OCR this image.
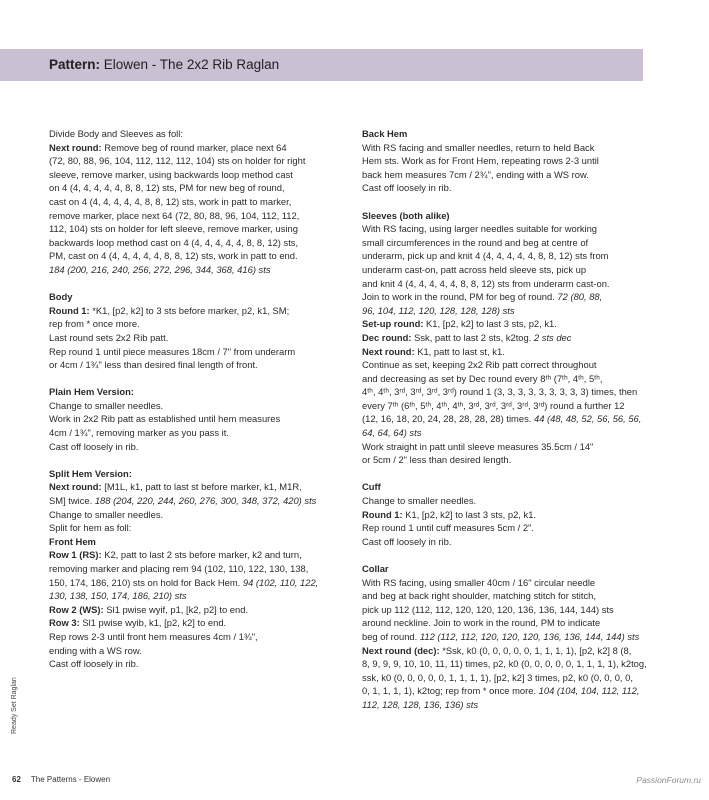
Pattern: Elowen - The 2x2 Rib Raglan
Divide Body and Sleeves as foll:
Next round: Remove beg of round marker, place next 64
(72, 80, 88, 96, 104, 112, 112, 112, 104) sts on holder for right
sleeve, remove marker, using backwards loop method cast
on 4 (4, 4, 4, 4, 4, 8, 8, 12) sts, PM for new beg of round,
cast on 4 (4, 4, 4, 4, 4, 8, 8, 12) sts, work in patt to marker,
remove marker, place next 64 (72, 80, 88, 96, 104, 112, 112,
112, 104) sts on holder for left sleeve, remove marker, using
backwards loop method cast on 4 (4, 4, 4, 4, 4, 8, 8, 12) sts,
PM, cast on 4 (4, 4, 4, 4, 4, 8, 8, 12) sts, work in patt to end.
184 (200, 216, 240, 256, 272, 296, 344, 368, 416) sts
Body
Round 1: *K1, [p2, k2] to 3 sts before marker, p2, k1, SM;
rep from * once more.
Last round sets 2x2 Rib patt.
Rep round 1 until piece measures 18cm / 7" from underarm
or 4cm / 1¾" less than desired final length of front.
Plain Hem Version:
Change to smaller needles.
Work in 2x2 Rib patt as established until hem measures
4cm / 1¾", removing marker as you pass it.
Cast off loosely in rib.
Split Hem Version:
Next round: [M1L, k1, patt to last st before marker, k1, M1R,
SM] twice. 188 (204, 220, 244, 260, 276, 300, 348, 372, 420) sts
Change to smaller needles.
Split for hem as foll:
Front Hem
Row 1 (RS): K2, patt to last 2 sts before marker, k2 and turn,
removing marker and placing rem 94 (102, 110, 122, 130, 138,
150, 174, 186, 210) sts on hold for Back Hem. 94 (102, 110, 122,
130, 138, 150, 174, 186, 210) sts
Row 2 (WS): Sl1 pwise wyif, p1, [k2, p2] to end.
Row 3: Sl1 pwise wyib, k1, [p2, k2] to end.
Rep rows 2-3 until front hem measures 4cm / 1¾",
ending with a WS row.
Cast off loosely in rib.
Back Hem
With RS facing and smaller needles, return to held Back
Hem sts. Work as for Front Hem, repeating rows 2-3 until
back hem measures 7cm / 2¾", ending with a WS row.
Cast off loosely in rib.
Sleeves (both alike)
With RS facing, using larger needles suitable for working
small circumferences in the round and beg at centre of
underarm, pick up and knit 4 (4, 4, 4, 4, 4, 8, 8, 12) sts from
underarm cast-on, patt across held sleeve sts, pick up
and knit 4 (4, 4, 4, 4, 4, 8, 8, 12) sts from underarm cast-on.
Join to work in the round, PM for beg of round. 72 (80, 88,
96, 104, 112, 120, 128, 128, 128) sts
Set-up round: K1, [p2, k2] to last 3 sts, p2, k1.
Dec round: Ssk, patt to last 2 sts, k2tog. 2 sts dec
Next round: K1, patt to last st, k1.
Continue as set, keeping 2x2 Rib patt correct throughout
and decreasing as set by Dec round every 8ᵗʰ (7ᵗʰ, 4ᵗʰ, 5ᵗʰ,
4ᵗʰ, 4ᵗʰ, 3ʳᵈ, 3ʳᵈ, 3ʳᵈ, 3ʳᵈ) round 1 (3, 3, 3, 3, 3, 3, 3, 3, 3) times, then
every 7ᵗʰ (6ᵗʰ, 5ᵗʰ, 4ᵗʰ, 4ᵗʰ, 3ʳᵈ, 3ʳᵈ, 3ʳᵈ, 3ʳᵈ, 3ʳᵈ) round a further 12
(12, 16, 18, 20, 24, 28, 28, 28, 28) times. 44 (48, 48, 52, 56, 56, 56,
64, 64, 64) sts
Work straight in patt until sleeve measures 35.5cm / 14"
or 5cm / 2" less than desired length.
Cuff
Change to smaller needles.
Round 1: K1, [p2, k2] to last 3 sts, p2, k1.
Rep round 1 until cuff measures 5cm / 2".
Cast off loosely in rib.
Collar
With RS facing, using smaller 40cm / 16" circular needle
and beg at back right shoulder, matching stitch for stitch,
pick up 112 (112, 112, 120, 120, 120, 136, 136, 144, 144) sts
around neckline. Join to work in the round, PM to indicate
beg of round. 112 (112, 112, 120, 120, 120, 136, 136, 144, 144) sts
Next round (dec): *Ssk, k0 (0, 0, 0, 0, 0, 1, 1, 1, 1), [p2, k2] 8 (8,
8, 9, 9, 9, 10, 10, 11, 11) times, p2, k0 (0, 0, 0, 0, 0, 1, 1, 1, 1), k2tog,
ssk, k0 (0, 0, 0, 0, 0, 1, 1, 1, 1), [p2, k2] 3 times, p2, k0 (0, 0, 0, 0,
0, 1, 1, 1, 1), k2tog; rep from * once more. 104 (104, 104, 112, 112,
112, 128, 128, 136, 136) sts
Ready Set Raglan
62 The Patterns - Elowen	PassionForum.ru
